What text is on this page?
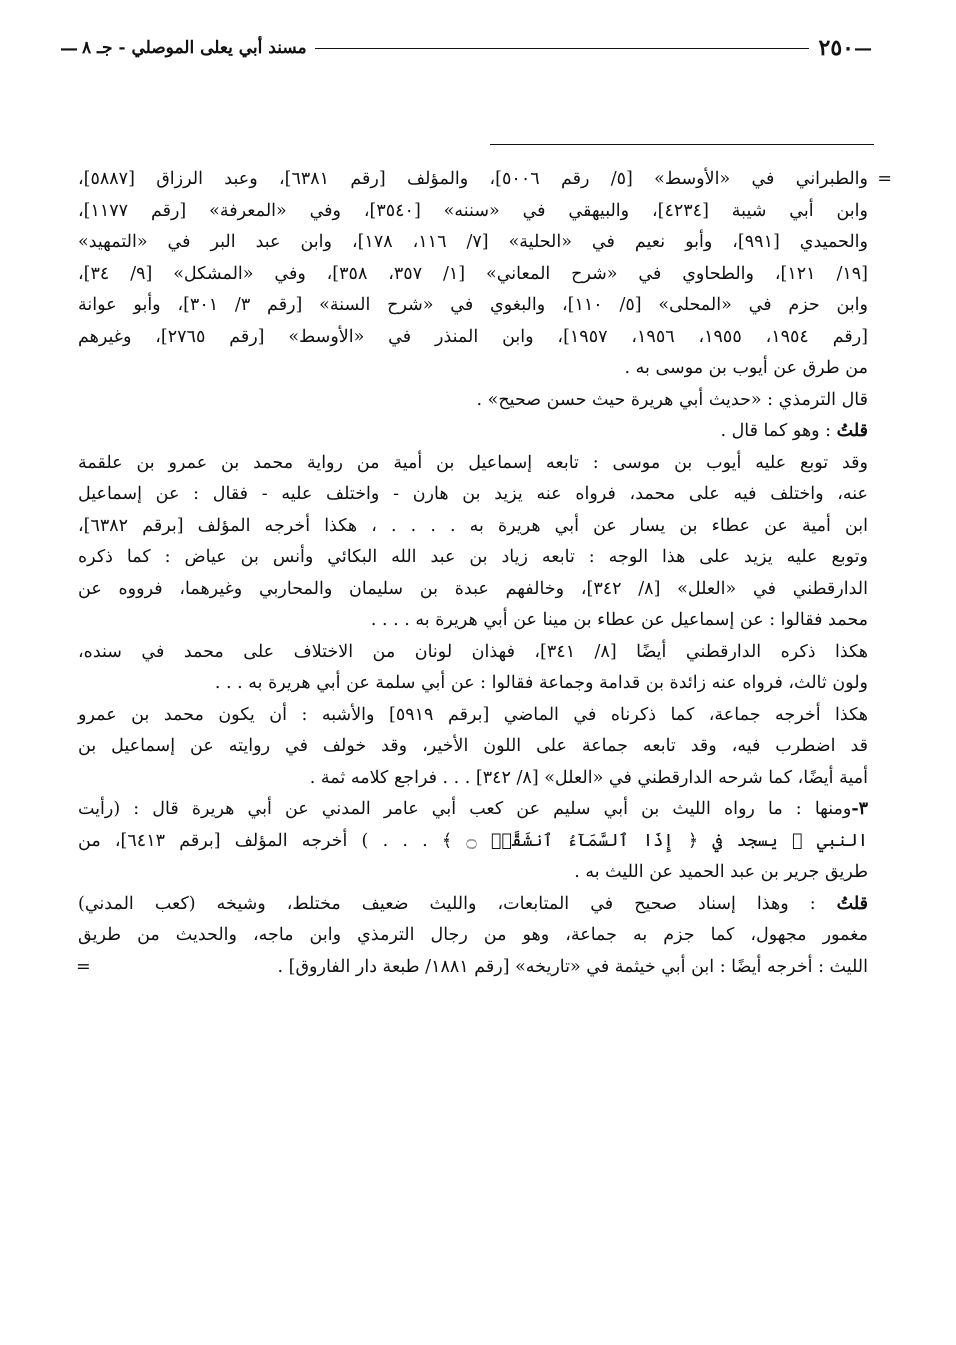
— مسند أبي يعلى الموصلي - جـ ٨	٢٥٠ —
=
والطبراني في «الأوسط» [٥/ رقم ٥٠٠٦]، والمؤلف [رقم ٦٣٨١]، وعبد الرزاق [٥٨٨٧]،
وابن أبي شيبة [٤٢٣٤]، والبيهقي في «سننه» [٣٥٤٠]، وفي «المعرفة» [رقم ١١٧٧]،
والحميدي [٩٩١]، وأبو نعيم في «الحلية» [٧/ ١١٦، ١٧٨]، وابن عبد البر في «التمهيد»
[١٩/ ١٢١]، والطحاوي في «شرح المعاني» [١/ ٣٥٧، ٣٥٨]، وفي «المشكل» [٩/ ٣٤]،
وابن حزم في «المحلى» [٥/ ١١٠]، والبغوي في «شرح السنة» [رقم ٣/ ٣٠١]، وأبو عوانة
[رقم ١٩٥٤، ١٩٥٥، ١٩٥٦، ١٩٥٧]، وابن المنذر في «الأوسط» [رقم ٢٧٦٥]، وغيرهم
من طرق عن أيوب بن موسى به .
قال الترمذي : «حديث أبي هريرة حيث حسن صحيح» .
قلتُ : وهو كما قال .
وقد توبع عليه أيوب بن موسى : تابعه إسماعيل بن أمية من رواية محمد بن عمرو بن علقمة
عنه، واختلف فيه على محمد، فرواه عنه يزيد بن هارن - واختلف عليه - فقال : عن إسماعيل
ابن أمية عن عطاء بن يسار عن أبي هريرة به . . . . ، هكذا أخرجه المؤلف [برقم ٦٣٨٢]،
وتوبع عليه يزيد على هذا الوجه : تابعه زياد بن عبد الله البكائي وأنس بن عياض : كما ذكره
الدارقطني في «العلل» [٨/ ٣٤٢]، وخالفهم عبدة بن سليمان والمحاربي وغيرهما، فرووه عن
محمد فقالوا : عن إسماعيل عن عطاء بن مينا عن أبي هريرة به . . . .
هكذا ذكره الدارقطني أيضًا [٨/ ٣٤١]، فهذان لونان من الاختلاف على محمد في سنده،
ولون ثالث، فرواه عنه زائدة بن قدامة وجماعة فقالوا : عن أبي سلمة عن أبي هريرة به . . .
هكذا أخرجه جماعة، كما ذكرناه في الماضي [برقم ٥٩١٩] والأشبه : أن يكون محمد بن عمرو
قد اضطرب فيه، وقد تابعه جماعة على اللون الأخير، وقد خولف في روايته عن إسماعيل بن
أمية أيضًا، كما شرحه الدارقطني في «العلل» [٨/ ٣٤٢] . . . فراجع كلامه ثمة .
٣-ومنها : ما رواه الليث بن أبي سليم عن كعب أبي عامر المدني عن أبي هريرة قال : (رأيت
النبي ﷺ يسجد في ﴿ إِذَا ٱلسَّمَآءُ ٱنشَقَّتۡ ۝ ﴾ . . . ) أخرجه المؤلف [برقم ٦٤١٣]، من
طريق جرير بن عبد الحميد عن الليث به .
قلتُ : وهذا إسناد صحيح في المتابعات، والليث ضعيف مختلط، وشيخه (كعب المدني)
مغمور مجهول، كما جزم به جماعة، وهو من رجال الترمذي وابن ماجه، والحديث من طريق
الليث : أخرجه أيضًا : ابن أبي خيثمة في «تاريخه» [رقم ١٨٨١/ طبعة دار الفاروق] .
=
